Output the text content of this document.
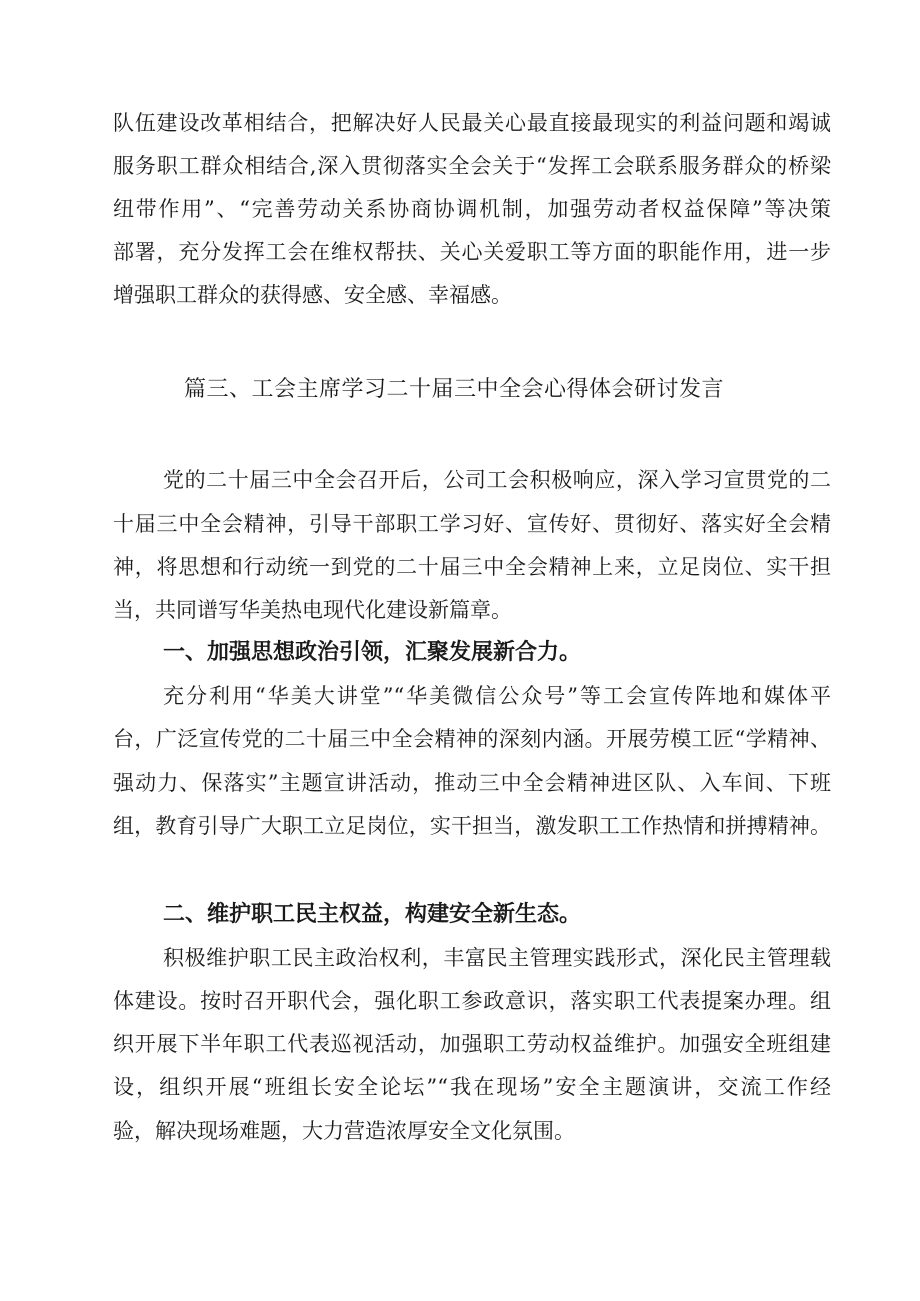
队伍建设改革相结合，把解决好人民最关心最直接最现实的利益问题和竭诚
服务职工群众相结合,深入贯彻落实全会关于“发挥工会联系服务群众的桥梁
纽带作用”、“完善劳动关系协商协调机制，加强劳动者权益保障”等决策
部署，充分发挥工会在维权帮扶、关心关爱职工等方面的职能作用，进一步
增强职工群众的获得感、安全感、幸福感。
篇三、工会主席学习二十届三中全会心得体会研讨发言
党的二十届三中全会召开后，公司工会积极响应，深入学习宣贯党的二
十届三中全会精神，引导干部职工学习好、宣传好、贯彻好、落实好全会精
神，将思想和行动统一到党的二十届三中全会精神上来，立足岗位、实干担
当，共同谱写华美热电现代化建设新篇章。
一、加强思想政治引领，汇聚发展新合力。
充分利用“华美大讲堂”“华美微信公众号”等工会宣传阵地和媒体平
台，广泛宣传党的二十届三中全会精神的深刻内涵。开展劳模工匠“学精神、
强动力、保落实”主题宣讲活动，推动三中全会精神进区队、入车间、下班
组，教育引导广大职工立足岗位，实干担当，激发职工工作热情和拼搏精神。
二、维护职工民主权益，构建安全新生态。
积极维护职工民主政治权利，丰富民主管理实践形式，深化民主管理载
体建设。按时召开职代会，强化职工参政意识，落实职工代表提案办理。组
织开展下半年职工代表巡视活动，加强职工劳动权益维护。加强安全班组建
设，组织开展“班组长安全论坛”“我在现场”安全主题演讲，交流工作经
验，解决现场难题，大力营造浓厚安全文化氛围。
